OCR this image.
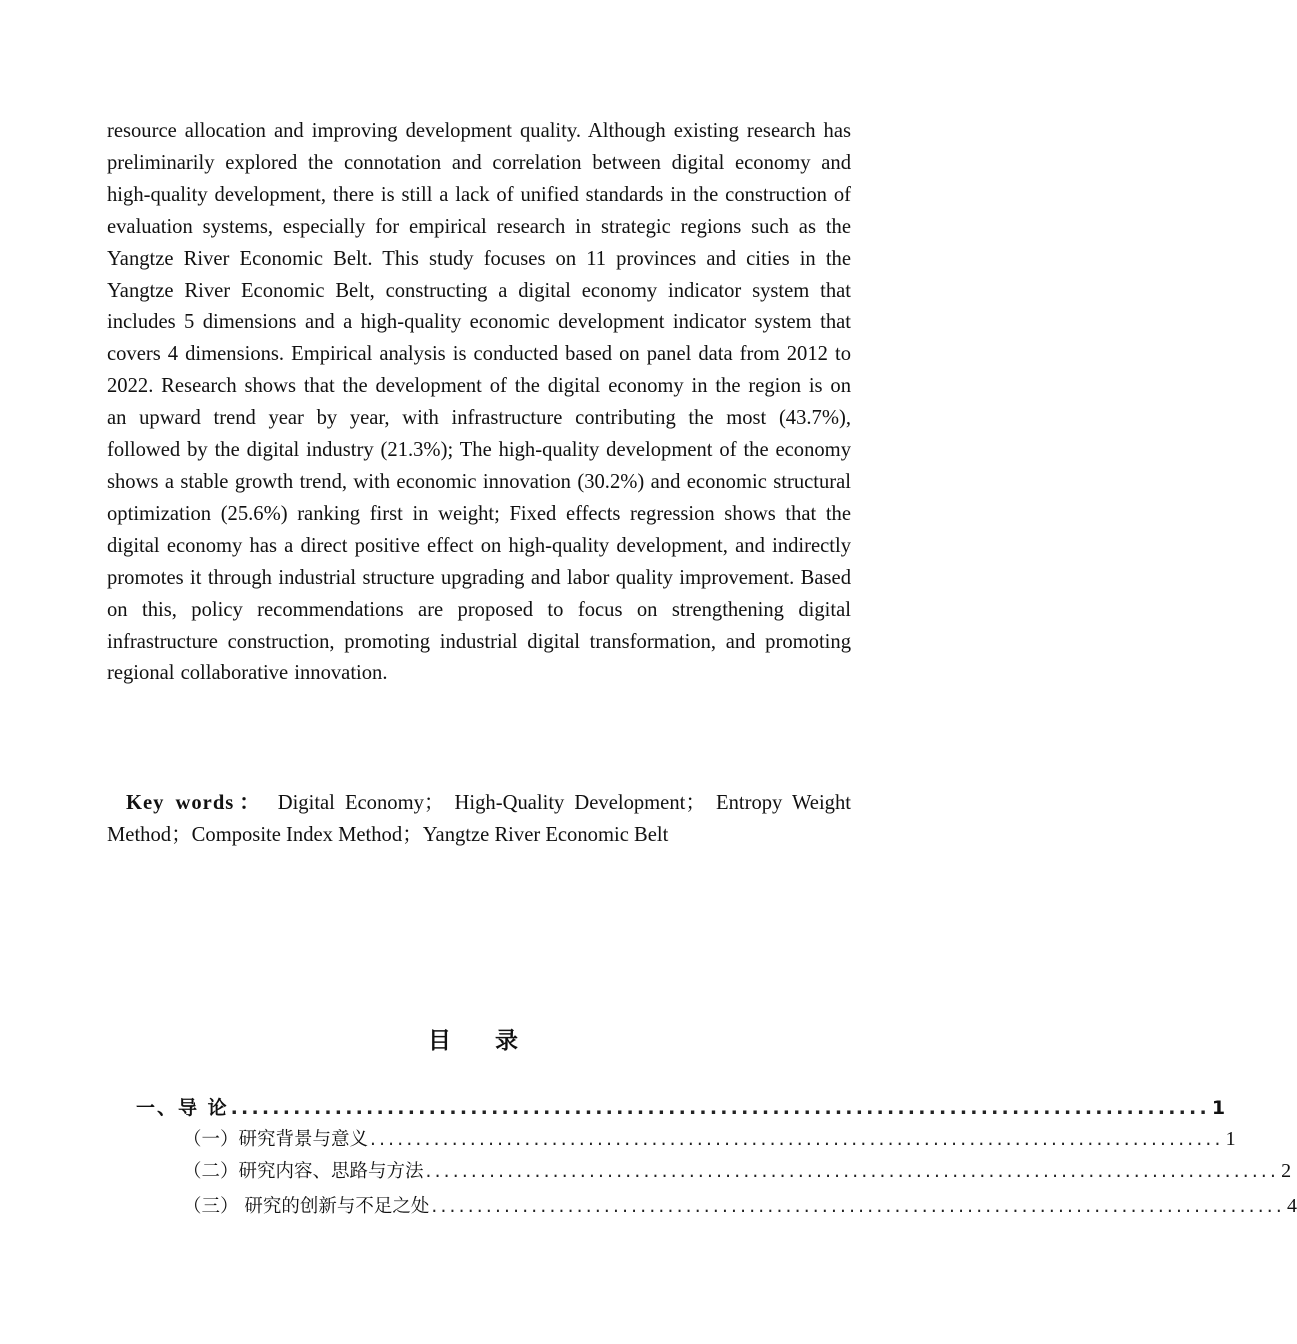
resource allocation and improving development quality. Although existing research has preliminarily explored the connotation and correlation between digital economy and high-quality development, there is still a lack of unified standards in the construction of evaluation systems, especially for empirical research in strategic regions such as the Yangtze River Economic Belt. This study focuses on 11 provinces and cities in the Yangtze River Economic Belt, constructing a digital economy indicator system that includes 5 dimensions and a high-quality economic development indicator system that covers 4 dimensions. Empirical analysis is conducted based on panel data from 2012 to 2022. Research shows that the development of the digital economy in the region is on an upward trend year by year, with infrastructure contributing the most (43.7%), followed by the digital industry (21.3%); The high-quality development of the economy shows a stable growth trend, with economic innovation (30.2%) and economic structural optimization (25.6%) ranking first in weight; Fixed effects regression shows that the digital economy has a direct positive effect on high-quality development, and indirectly promotes it through industrial structure upgrading and labor quality improvement. Based on this, policy recommendations are proposed to focus on strengthening digital infrastructure construction, promoting industrial digital transformation, and promoting regional collaborative innovation.

Key words： Digital Economy； High-Quality Development； Entropy Weight Method；Composite Index Method；Yangtze River Economic Belt
目录
一、导 论 .............................................................................................. 1
（一）研究背景与意义 .............................................................................................. 1
（二）研究内容、思路与方法 .............................................................................................. 2
（三） 研究的创新与不足之处 .............................................................................................. 4
